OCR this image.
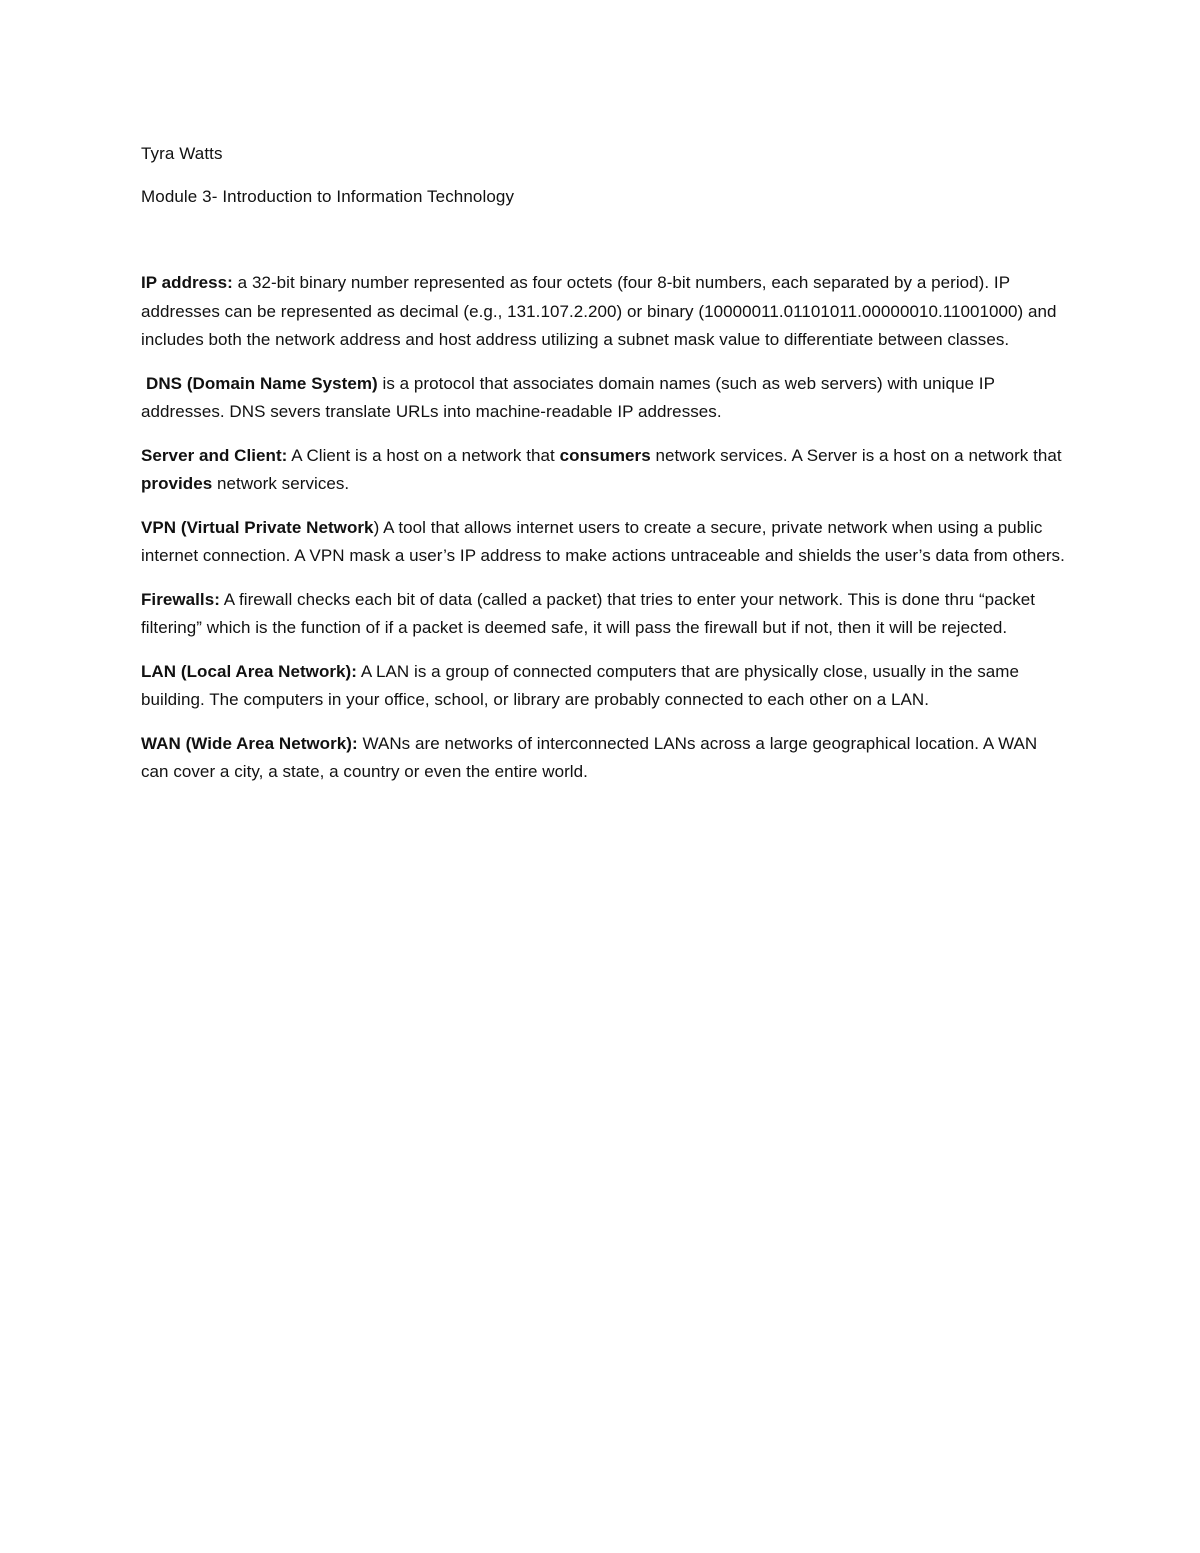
Tyra Watts

Module 3- Introduction to Information Technology

IP address: a 32-bit binary number represented as four octets (four 8-bit numbers, each separated by a period). IP addresses can be represented as decimal (e.g., 131.107.2.200) or binary (10000011.01101011.00000010.11001000) and includes both the network address and host address utilizing a subnet mask value to differentiate between classes.

DNS (Domain Name System) is a protocol that associates domain names (such as web servers) with unique IP addresses. DNS severs translate URLs into machine-readable IP addresses.

Server and Client: A Client is a host on a network that consumers network services. A Server is a host on a network that provides network services.

VPN (Virtual Private Network) A tool that allows internet users to create a secure, private network when using a public internet connection. A VPN mask a user’s IP address to make actions untraceable and shields the user’s data from others.

Firewalls: A firewall checks each bit of data (called a packet) that tries to enter your network. This is done thru “packet filtering” which is the function of if a packet is deemed safe, it will pass the firewall but if not, then it will be rejected.

LAN (Local Area Network): A LAN is a group of connected computers that are physically close, usually in the same building. The computers in your office, school, or library are probably connected to each other on a LAN.

WAN (Wide Area Network): WANs are networks of interconnected LANs across a large geographical location. A WAN can cover a city, a state, a country or even the entire world.
